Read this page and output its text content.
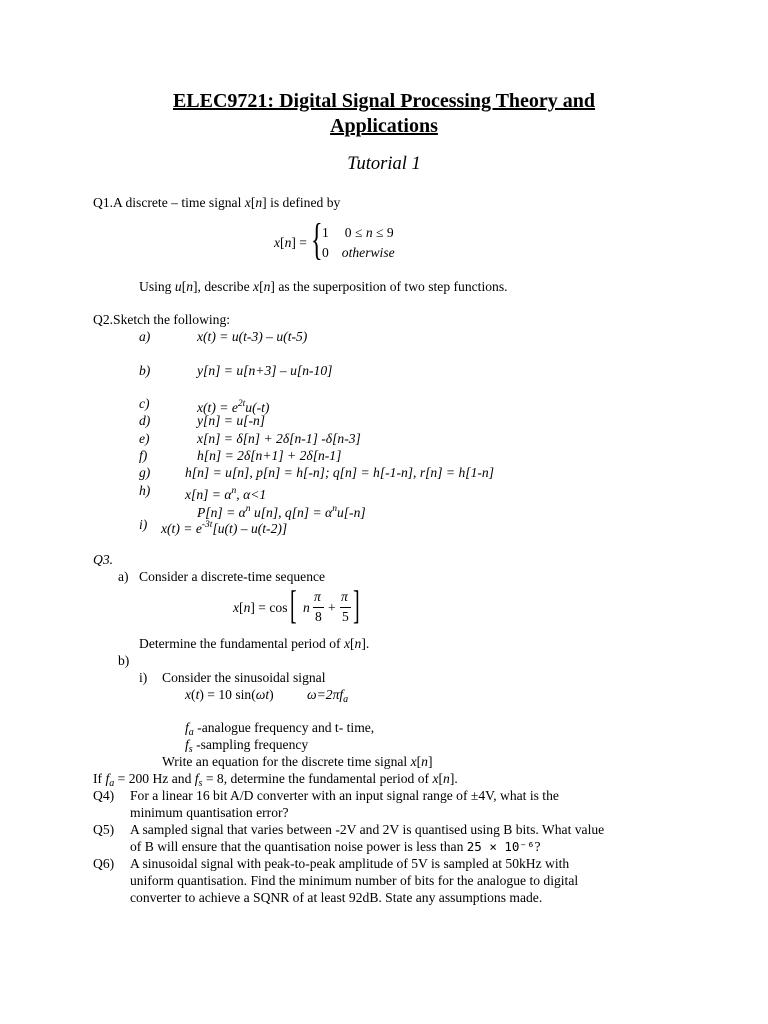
ELEC9721: Digital Signal Processing Theory and
Applications
Tutorial 1
Q1.A discrete – time signal x[n] is defined by
x[n] = { 1 0 ≤ n ≤ 9
0 otherwise
Using u[n], describe x[n] as the superposition of two step functions.
Q2.Sketch the following:
a)	x(t) = u(t-3) – u(t-5)
b)	y[n] = u[n+3] – u[n-10]
c)	$x(t) = e^{2t}u(-t)$
d)	y[n] = u[-n]
e)	x[n] = δ[n] + 2δ[n-1] -δ[n-3]
f)	h[n] = 2δ[n+1] + 2δ[n-1]
g)	h[n] = u[n], p[n] = h[-n]; q[n] = h[-1-n], r[n] = h[1-n]
h)	$x[n] = \alpha^n$, α<1
$P[n] = \alpha^n$ u[n], $q[n] = \alpha^nu[-n]$
i) $x(t) = e^{-3t}[u(t) - u(t-2)]$
Q3.
a) Consider a discrete-time sequence
x[n] = cos [ n
π
8
+
π
5 ]
Determine the fundamental period of x[n].
b)
i) Consider the sinusoidal signal
x(t) = 10 sin(ωt) $\omega=2\pi f_a$
$f_a$ -analogue frequency and t- time,
$f_s$ -sampling frequency
Write an equation for the discrete time signal x[n]
If $f_a = 200$ Hz and $f_s = 8$, determine the fundamental period of x[n].
Q4) For a linear 16 bit A/D converter with an input signal range of ±4V, what is the
minimum quantisation error?
Q5) A sampled signal that varies between -2V and 2V is quantised using B bits. What value
of B will ensure that the quantisation noise power is less than 25 × 10⁻⁶?
Q6) A sinusoidal signal with peak-to-peak amplitude of 5V is sampled at 50kHz with
uniform quantisation. Find the minimum number of bits for the analogue to digital
converter to achieve a SQNR of at least 92dB. State any assumptions made.
